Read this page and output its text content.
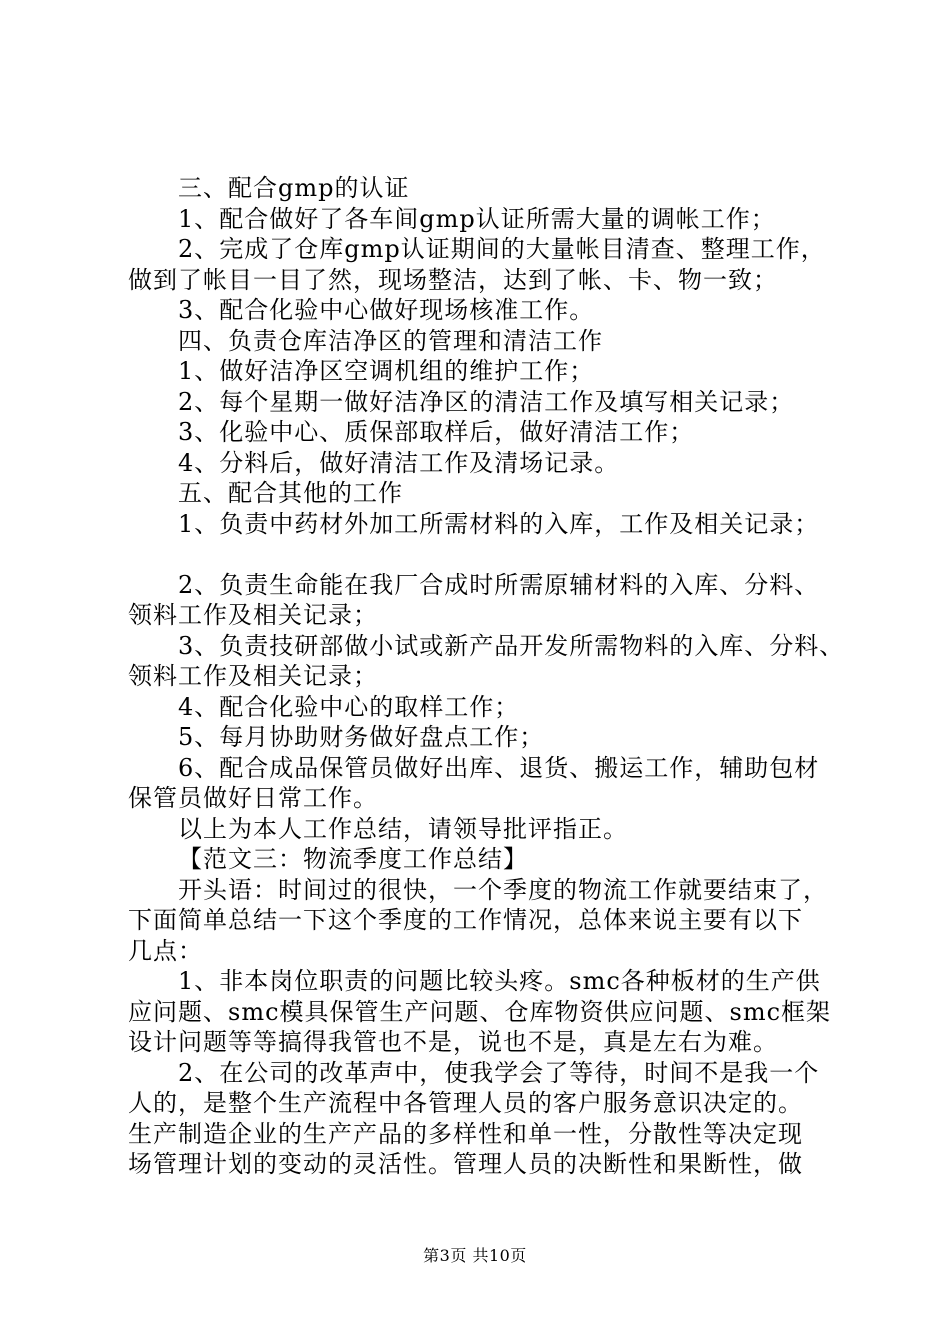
三、配合gmp的认证
1、配合做好了各车间gmp认证所需大量的调帐工作；
2、完成了仓库gmp认证期间的大量帐目清查、整理工作，
做到了帐目一目了然，现场整洁，达到了帐、卡、物一致；
3、配合化验中心做好现场核准工作。
四、负责仓库洁净区的管理和清洁工作
1、做好洁净区空调机组的维护工作；
2、每个星期一做好洁净区的清洁工作及填写相关记录；
3、化验中心、质保部取样后，做好清洁工作；
4、分料后，做好清洁工作及清场记录。
五、配合其他的工作
1、负责中药材外加工所需材料的入库，工作及相关记录；
2、负责生命能在我厂合成时所需原辅材料的入库、分料、
领料工作及相关记录；
3、负责技研部做小试或新产品开发所需物料的入库、分料、
领料工作及相关记录；
4、配合化验中心的取样工作；
5、每月协助财务做好盘点工作；
6、配合成品保管员做好出库、退货、搬运工作，辅助包材
保管员做好日常工作。
以上为本人工作总结，请领导批评指正。
【范文三：物流季度工作总结】
开头语：时间过的很快，一个季度的物流工作就要结束了，
下面简单总结一下这个季度的工作情况，总体来说主要有以下
几点：
1、非本岗位职责的问题比较头疼。smc各种板材的生产供
应问题、smc模具保管生产问题、仓库物资供应问题、smc框架
设计问题等等搞得我管也不是，说也不是，真是左右为难。
2、在公司的改革声中，使我学会了等待，时间不是我一个
人的，是整个生产流程中各管理人员的客户服务意识决定的。
生产制造企业的生产产品的多样性和单一性，分散性等决定现
场管理计划的变动的灵活性。管理人员的决断性和果断性，做
第3页 共10页
